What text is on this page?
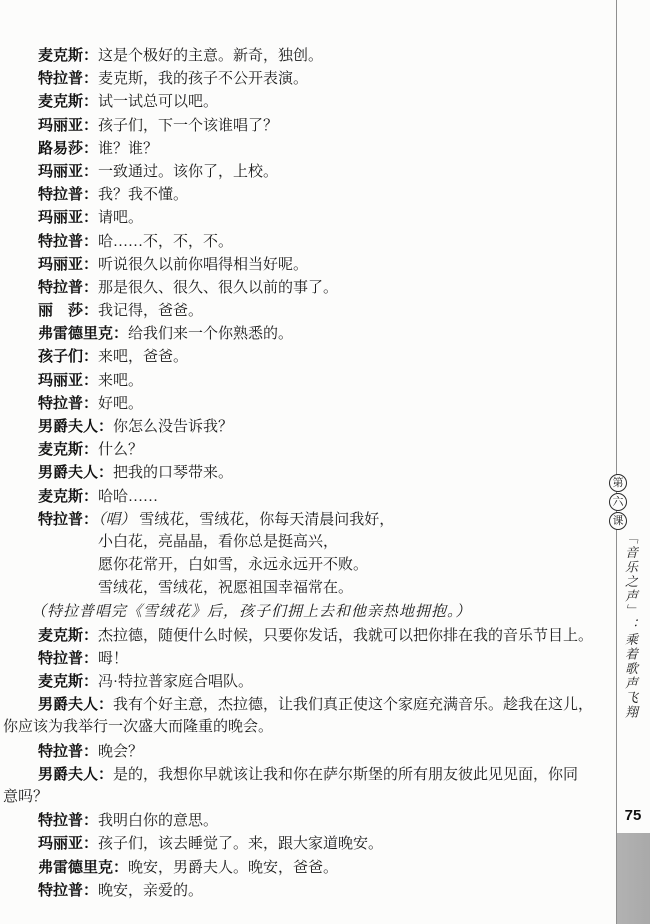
麦克斯：这是个极好的主意。新奇，独创。
特拉普：麦克斯，我的孩子不公开表演。
麦克斯：试一试总可以吧。
玛丽亚：孩子们，下一个该谁唱了？
路易莎：谁？谁？
玛丽亚：一致通过。该你了，上校。
特拉普：我？我不懂。
玛丽亚：请吧。
特拉普：哈……不，不，不。
玛丽亚：听说很久以前你唱得相当好呢。
特拉普：那是很久、很久、很久以前的事了。
丽　莎：我记得，爸爸。
弗雷德里克：给我们来一个你熟悉的。
孩子们：来吧，爸爸。
玛丽亚：来吧。
特拉普：好吧。
男爵夫人：你怎么没告诉我？
麦克斯：什么？
男爵夫人：把我的口琴带来。
麦克斯：哈哈……
特拉普：（唱） 雪绒花，雪绒花，你每天清晨问我好，
小白花，亮晶晶，看你总是挺高兴，
愿你花常开，白如雪，永远永远开不败。
雪绒花，雪绒花，祝愿祖国幸福常在。
（特拉普唱完《雪绒花》后，孩子们拥上去和他亲热地拥抱。）
麦克斯：杰拉德，随便什么时候，只要你发话，我就可以把你排在我的音乐节目上。
特拉普：呣！
麦克斯：冯·特拉普家庭合唱队。
男爵夫人：我有个好主意，杰拉德，让我们真正使这个家庭充满音乐。趁我在这儿，
你应该为我举行一次盛大而隆重的晚会。
特拉普：晚会？
男爵夫人：是的，我想你早就该让我和你在萨尔斯堡的所有朋友彼此见见面，你同
意吗？
特拉普：我明白你的意思。
玛丽亚：孩子们，该去睡觉了。来，跟大家道晚安。
弗雷德里克：晚安，男爵夫人。晚安，爸爸。
特拉普：晚安，亲爱的。
第
六
课
「音乐之声」：乘着歌声飞翔
75
